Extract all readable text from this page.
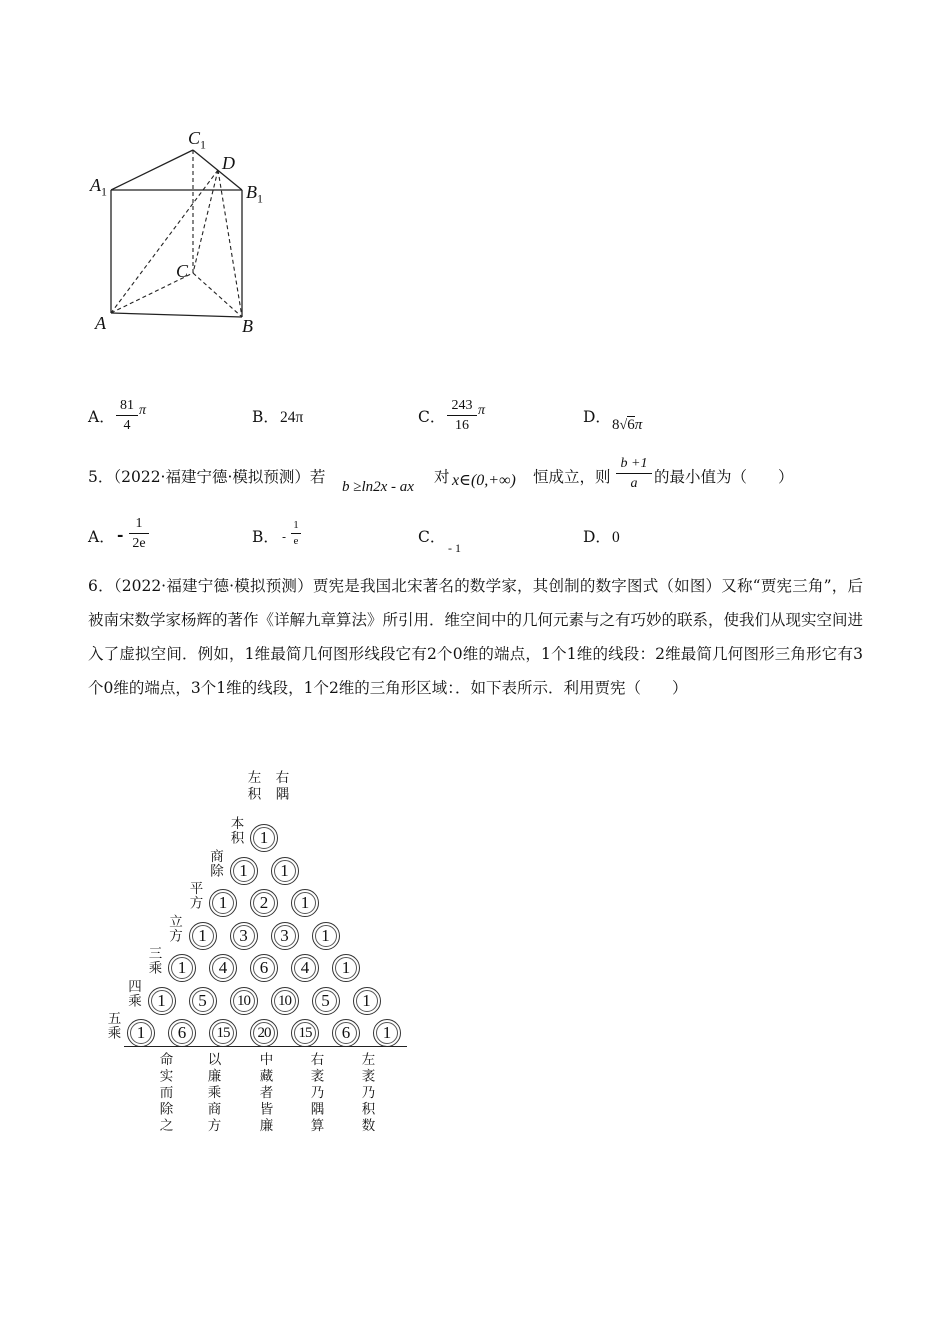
$C_1$
D
$A_1$	$B_1$
C
A	B
A．
81
4
π	B． 24π	C．
243
16
π	D． 8√6π
5．（2022·福建宁德·模拟预测）若
b ≥ln2x - ax
对 x∈(0,+∞) 恒成立，则
b +1
a	的最小值为（　　）
A． -
1
2e	B． -
1
e	C．
- 1
D． 0
6．（2022·福建宁德·模拟预测）贾宪是我国北宋著名的数学家，其创制的数字图式（如图）又称“贾宪三角”，后被南宋数学家杨辉的著作《详解九章算法》所引用．维空间中的几何元素与之有巧妙的联系，使我们从现实空间进入了虚拟空间．例如，1维最简几何图形线段它有2个0维的端点，1个1维的线段：2维最简几何图形三角形它有3个0维的端点，3个1维的线段，1个2维的三角形区域：．如下表所示．利用贾宪（　　）
左积 右隅
本积
商除
平方
立方
三乘
四乘
五乘
1
1	1
1	2	1
1	3	3	1
1	4	6	4	1
1	5	10	10	5	1
1	6	15	20	15	6	1
命实而除之 以廉乘商方	中藏者皆廉	右袤乃隅算	左袤乃积数
